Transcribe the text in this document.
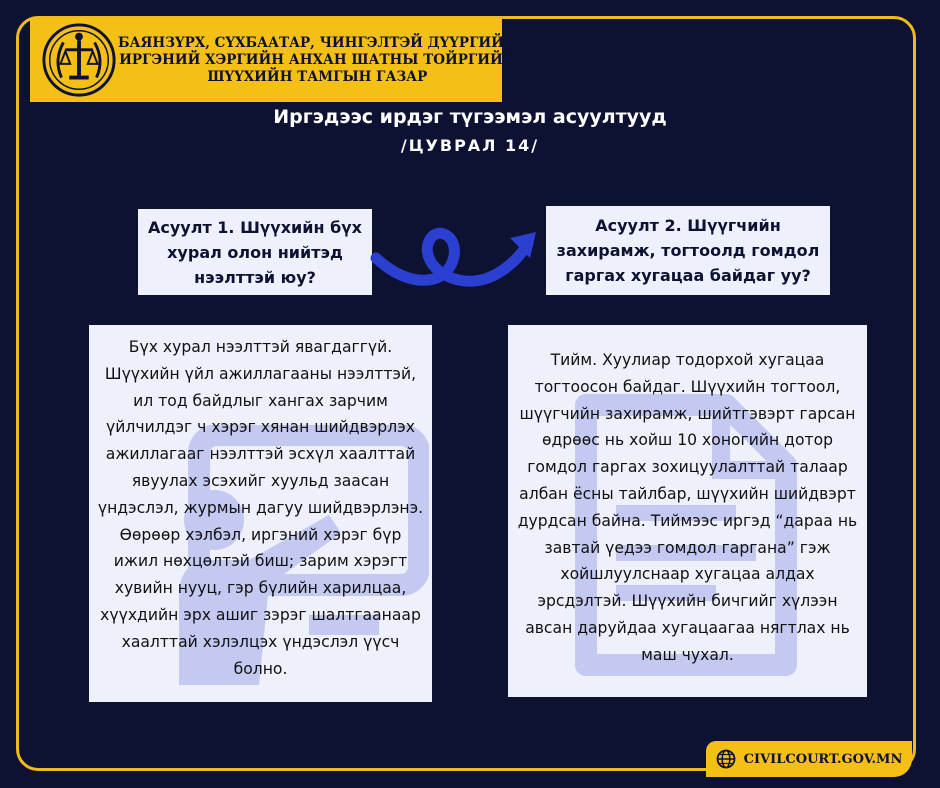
БАЯНЗҮРХ, СҮХБААТАР, ЧИНГЭЛТЭЙ ДҮҮРГИЙН
ИРГЭНИЙ ХЭРГИЙН АНХАН ШАТНЫ ТОЙРГИЙН
ШҮҮХИЙН ТАМГЫН ГАЗАР
Иргэдээс ирдэг түгээмэл асуултууд
/ЦУВРАЛ 14/
Асуулт 1. Шүүхийн бүх хурал олон нийтэд нээлттэй юу?
Асуулт 2. Шүүгчийн захирамж, тогтоолд гомдол гаргах хугацаа байдаг уу?
Бүх хурал нээлттэй явагдаггүй. Шүүхийн үйл ажиллагааны нээлттэй, ил тод байдлыг хангах зарчим үйлчилдэг ч хэрэг хянан шийдвэрлэх ажиллагааг нээлттэй эсхүл хаалттай явуулах эсэхийг хуульд заасан үндэслэл, журмын дагуу шийдвэрлэнэ. Өөрөөр хэлбэл, иргэний хэрэг бүр ижил нөхцөлтэй биш; зарим хэрэгт хувийн нууц, гэр бүлийн харилцаа, хүүхдийн эрх ашиг зэрэг шалтгаанаар хаалттай хэлэлцэх үндэслэл үүсч болно.
Тийм. Хуулиар тодорхой хугацаа тогтоосон байдаг. Шүүхийн тогтоол, шүүгчийн захирамж, шийтгэвэрт гарсан өдрөөс нь хойш 10 хоногийн дотор гомдол гаргах зохицуулалттай талаар албан ёсны тайлбар, шүүхийн шийдвэрт дурдсан байна. Тиймээс иргэд “дараа нь завтай үедээ гомдол гаргана” гэж хойшлуулснаар хугацаа алдах эрсдэлтэй. Шүүхийн бичгийг хүлээн авсан даруйдаа хугацаагаа нягтлах нь маш чухал.
CIVILCOURT.GOV.MN
